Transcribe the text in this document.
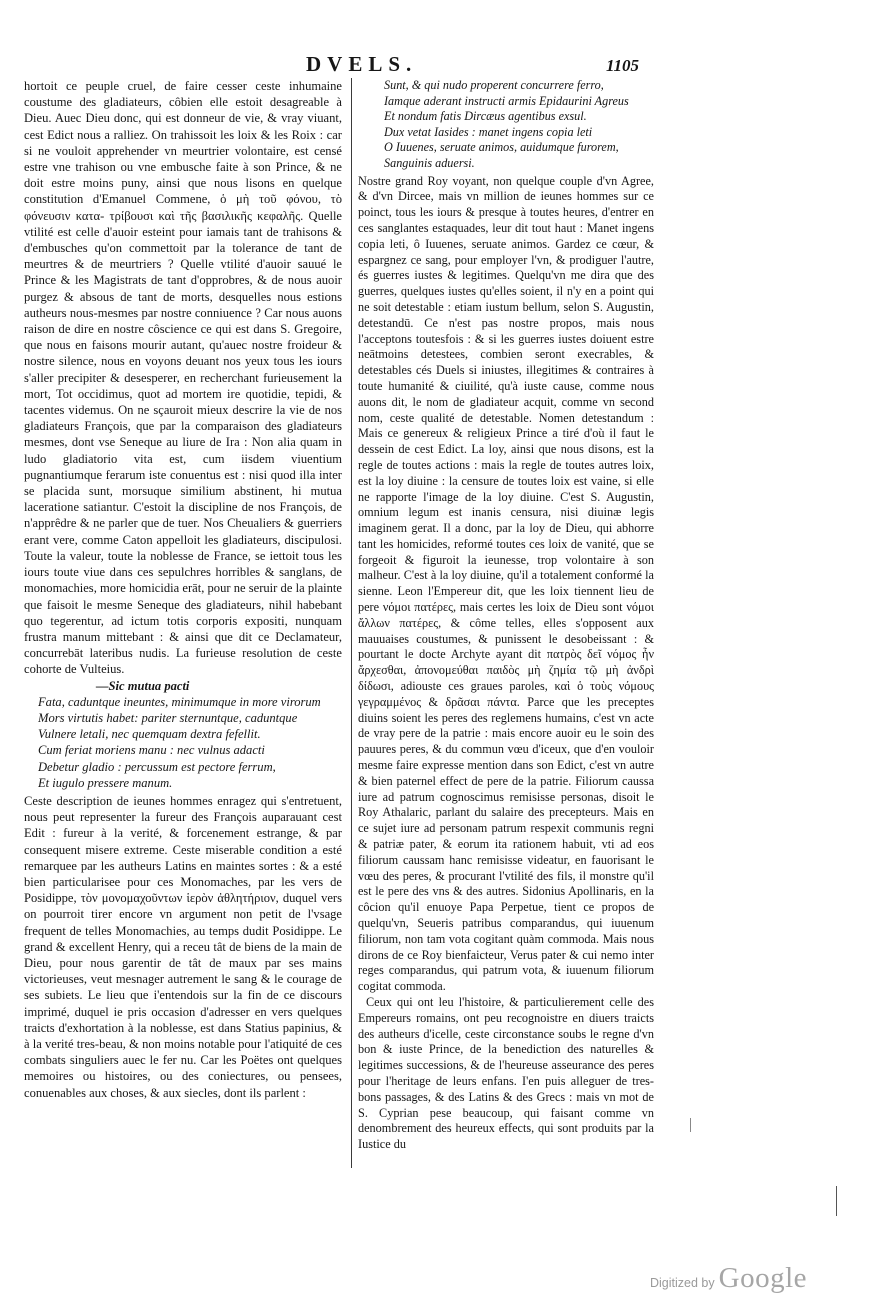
DVELS.	1105

hortoit ce peuple cruel, de faire cesser ceste inhumaine coustume des gladiateurs, côbien elle estoit desagreable à Dieu. Auec Dieu donc, qui est donneur de vie, & vray viuant, cest Edict nous a ralliez. On trahissoit les loix & les Roix : car si ne vouloit apprehender vn meurtrier volontaire, est censé estre vne trahison ou vne embusche faite à son Prince, & ne doit estre moins puny, ainsi que nous lisons en quelque constitution d'Emanuel Commene, ὁ μὴ τοῦ φόνου, τὸ φόνευσιν κατα- τρίβουσι καὶ τῆς βασιλικῆς κεφαλῆς. Quelle vtilité est celle d'auoir esteint pour iamais tant de trahisons & d'embusches qu'on commettoit par la tolerance de tant de meurtres & de meurtriers ? Quelle vtilité d'auoir sauué le Prince & les Magistrats de tant d'opprobres, & de nous auoir purgez & absous de tant de morts, desquelles nous estions autheurs nous-mesmes par nostre conniuence ? Car nous auons raison de dire en nostre côscience ce qui est dans S. Gregoire, que nous en faisons mourir autant, qu'auec nostre froideur & nostre silence, nous en voyons deuant nos yeux tous les iours s'aller precipiter & desesperer, en recherchant furieusement la mort, Tot occidimus, quot ad mortem ire quotidie, tepidi, & tacentes videmus. On ne sçauroit mieux descrire la vie de nos gladiateurs François, que par la comparaison des gladiateurs mesmes, dont vse Seneque au liure de Ira : Non alia quam in ludo gladiatorio vita est, cum iisdem viuentium pugnantiumque ferarum iste conuentus est : nisi quod illa inter se placida sunt, morsuque similium abstinent, hi mutua laceratione satiantur. C'estoit la discipline de nos François, de n'apprêdre & ne parler que de tuer. Nos Cheualiers & guerriers erant vere, comme Caton appelloit les gladiateurs, discipulosi. Toute la valeur, toute la noblesse de France, se iettoit tous les iours toute viue dans ces sepulchres horribles & sanglans, de monomachies, more homicidia erāt, pour ne seruir de la plainte que faisoit le mesme Seneque des gladiateurs, nihil habebant quo tegerentur, ad ictum totis corporis expositi, nunquam frustra manum mittebant : & ainsi que dit ce Declamateur, concurrebāt lateribus nudis. La furieuse resolution de ceste cohorte de Vulteius.

—Sic mutua pacti
Fata, caduntque ineuntes, minimumque in more virorum
Mors virtutis habet: pariter sternuntque, caduntque
Vulnere letali, nec quemquam dextra fefellit.
Cum feriat moriens manu : nec vulnus adacti
Debetur gladio : percussum est pectore ferrum,
Et iugulo pressere manum.

Ceste description de ieunes hommes enragez qui s'entretuent, nous peut representer la fureur des François auparauant cest Edit : fureur à la verité, & forcenement estrange, & par consequent misere extreme. Ceste miserable condition a esté remarquee par les autheurs Latins en maintes sortes : & a esté bien particularisee pour ces Monomaches, par les vers de Posidippe, τὸν μονομαχοῦντων ἱερὸν ἀθλητήριον, duquel vers on pourroit tirer encore vn argument non petit de l'vsage frequent de telles Monomachies, au temps dudit Posidippe. Le grand & excellent Henry, qui a receu tât de biens de la main de Dieu, pour nous garentir de tât de maux par ses mains victorieuses, veut mesnager autrement le sang & le courage de ses subiets. Le lieu que i'entendois sur la fin de ce discours imprimé, duquel ie pris occasion d'adresser en vers quelques traicts d'exhortation à la noblesse, est dans Statius papinius, & à la verité tres-beau, & non moins notable pour l'atiquité de ces combats singuliers auec le fer nu. Car les Poëtes ont quelques memoires ou histoires, ou des coniectures, ou pensees, conuenables aux choses, & aux siecles, dont ils parlent :

Sunt, & qui nudo properent concurrere ferro,
Iamque aderant instructi armis Epidaurini Agreus
Et nondum fatis Dircæus agentibus exsul.
Dux vetat Iasides : manet ingens copia leti
O Iuuenes, seruate animos, auidumque furorem,
Sanguinis aduersi.

Nostre grand Roy voyant, non quelque couple d'vn Agree, & d'vn Dircee, mais vn million de ieunes hommes sur ce poinct, tous les iours & presque à toutes heures, d'entrer en ces sanglantes estaquades, leur dit tout haut : Manet ingens copia leti, ô Iuuenes, seruate animos. Gardez ce cœur, & espargnez ce sang, pour employer l'vn, & prodiguer l'autre, és guerres iustes & legitimes. Quelqu'vn me dira que des guerres, quelques iustes qu'elles soient, il n'y en a point qui ne soit detestable : etiam iustum bellum, selon S. Augustin, detestandū. Ce n'est pas nostre propos, mais nous l'acceptons toutesfois : & si les guerres iustes doiuent estre neātmoins detestees, combien seront execrables, & detestables cés Duels si iniustes, illegitimes & contraires à toute humanité & ciuilité, qu'à iuste cause, comme nous auons dit, le nom de gladiateur acquit, comme vn second nom, ceste qualité de detestable. Nomen detestandum : Mais ce genereux & religieux Prince a tiré d'où il faut le dessein de cest Edict. La loy, ainsi que nous disons, est la regle de toutes actions : mais la regle de toutes autres loix, est la loy diuine : la censure de toutes loix est vaine, si elle ne rapporte l'image de la loy diuine. C'est S. Augustin, omnium legum est inanis censura, nisi diuinæ legis imaginem gerat. Il a donc, par la loy de Dieu, qui abhorre tant les homicides, reformé toutes ces loix de vanité, que se forgeoit & figuroit la ieunesse, trop volontaire à son malheur. C'est à la loy diuine, qu'il a totalement conformé la sienne. Leon l'Empereur dit, que les loix tiennent lieu de pere νόμοι πατέρες, mais certes les loix de Dieu sont νόμοι ἄλλων πατέρες, & côme telles, elles s'opposent aux mauuaises coustumes, & punissent le desobeissant : & pourtant le docte Archyte ayant dit πατρὸς δεῖ νόμος ἦν ἄρχεσθαι, ἀπονομεύθαι παιδὸς μὴ ζημία τῷ μὴ ἀνδρὶ δίδωσι, adiouste ces graues paroles, καὶ ὁ τοὺς νόμους γεγραμμένος & δρᾶσαι πάντα. Parce que les preceptes diuins soient les peres des reglemens humains, c'est vn acte de vray pere de la patrie : mais encore auoir eu le soin des pauures peres, & du commun vœu d'iceux, que d'en vouloir mesme faire expresse mention dans son Edict, c'est vn autre & bien paternel effect de pere de la patrie. Filiorum caussa iure ad patrum cognoscimus remisisse personas, disoit le Roy Athalaric, parlant du salaire des precepteurs. Mais en ce sujet iure ad personam patrum respexit communis regni & patriæ pater, & eorum ita rationem habuit, vti ad eos filiorum caussam hanc remisisse videatur, en fauorisant le vœu des peres, & procurant l'vtilité des fils, il monstre qu'il est le pere des vns & des autres. Sidonius Apollinaris, en la côcion qu'il enuoye Papa Perpetue, tient ce propos de quelqu'vn, Seueris patribus comparandus, qui iuuenum filiorum, non tam vota cogitant quàm commoda. Mais nous dirons de ce Roy bienfaicteur, Verus pater & cui nemo inter reges comparandus, qui patrum vota, & iuuenum filiorum cogitat commoda.

Ceux qui ont leu l'histoire, & particulierement celle des Empereurs romains, ont peu recognoistre en diuers traicts des autheurs d'icelle, ceste circonstance soubs le regne d'vn bon & iuste Prince, de la benediction des naturelles & legitimes successions, & de l'heureuse asseurance des peres pour l'heritage de leurs enfans. I'en puis alleguer de tres-bons passages, & des Latins & des Grecs : mais vn mot de S. Cyprian pese beaucoup, qui faisant comme vn denombrement des heureux effects, qui sont produits par la Iustice du

Digitized by Google
